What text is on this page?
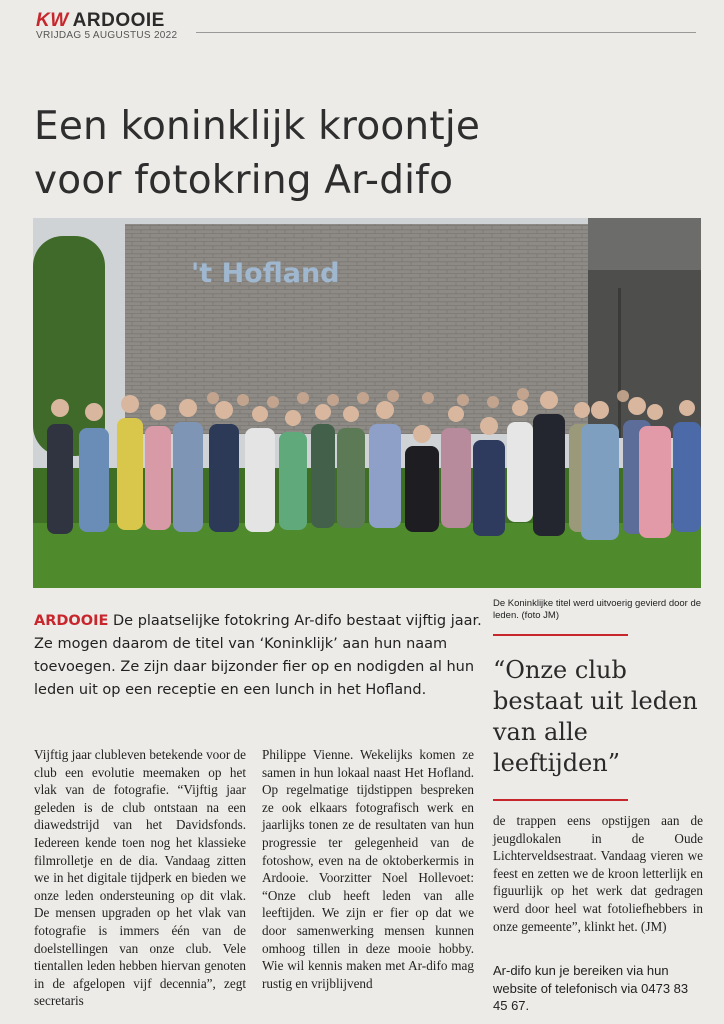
KW ARDOOIE
VRIJDAG 5 AUGUSTUS 2022
Een koninklijk kroontje
voor fotokring Ar-difo
't Hofland
ARDOOIE De plaatselijke fotokring Ar-difo bestaat vijftig jaar. Ze mogen daarom de titel van ‘Koninklijk’ aan hun naam toevoegen. Ze zijn daar bijzonder fier op en nodigden al hun leden uit op een receptie en een lunch in het Hofland.
De Koninklijke titel werd uitvoerig gevierd door de leden. (foto JM)
“Onze club bestaat uit leden van alle leeftijden”
Vijftig jaar clubleven betekende voor de club een evolutie meemaken op het vlak van de fotografie. “Vijftig jaar geleden is de club ontstaan na een diawedstrijd van het Davidsfonds. Iedereen kende toen nog het klassieke filmrolletje en de dia. Vandaag zitten we in het digitale tijdperk en bieden we onze leden ondersteuning op dit vlak. De mensen upgraden op het vlak van fotografie is immers één van de doelstellingen van onze club. Vele tientallen leden hebben hiervan genoten in de afgelopen vijf decennia”, zegt secretaris
Philippe Vienne. Wekelijks komen ze samen in hun lokaal naast Het Hofland. Op regelmatige tijdstippen bespreken ze ook elkaars fotografisch werk en jaarlijks tonen ze de resultaten van hun progressie ter gelegenheid van de fotoshow, even na de oktoberkermis in Ardooie. Voorzitter Noel Hollevoet: “Onze club heeft leden van alle leeftijden. We zijn er fier op dat we door samenwerking mensen kunnen omhoog tillen in deze mooie hobby. Wie wil kennis maken met Ar-difo mag rustig en vrijblijvend
de trappen eens opstijgen aan de jeugdlokalen in de Oude Lichterveldsestraat. Vandaag vieren we feest en zetten we de kroon letterlijk en figuurlijk op het werk dat gedragen werd door heel wat fotoliefhebbers in onze gemeente”, klinkt het. (JM)
Ar-difo kun je bereiken via hun website of telefonisch via 0473 83 45 67.
